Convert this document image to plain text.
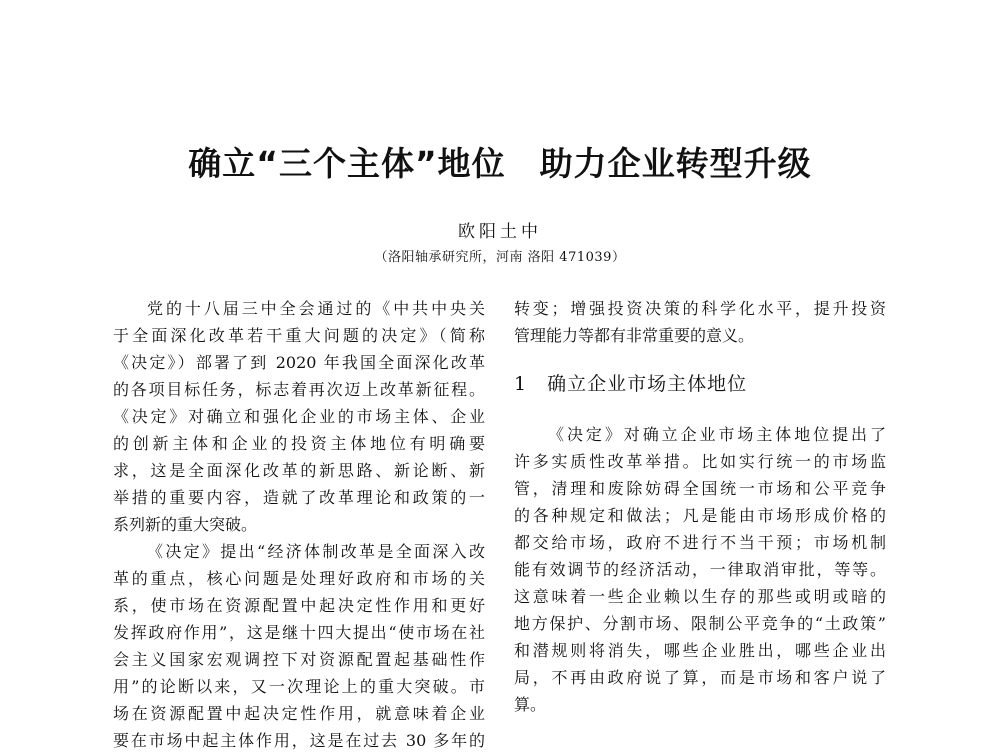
确立“三个主体”地位　助力企业转型升级
欧阳土中
（洛阳轴承研究所，河南 洛阳 471039）
党的十八届三中全会通过的《中共中央关
于全面深化改革若干重大问题的决定》（简称
《决定》）部署了到 2020 年我国全面深化改革
的各项目标任务，标志着再次迈上改革新征程。
《决定》对确立和强化企业的市场主体、企业
的创新主体和企业的投资主体地位有明确要
求，这是全面深化改革的新思路、新论断、新
举措的重要内容，造就了改革理论和政策的一
系列新的重大突破。
《决定》提出“经济体制改革是全面深入改
革的重点，核心问题是处理好政府和市场的关
系，使市场在资源配置中起决定性作用和更好
发挥政府作用”，这是继十四大提出“使市场在社
会主义国家宏观调控下对资源配置起基础性作
用”的论断以来，又一次理论上的重大突破。市
场在资源配置中起决定性作用，就意味着企业
要在市场中起主体作用，这是在过去 30 多年的
转变；增强投资决策的科学化水平，提升投资
管理能力等都有非常重要的意义。
1　确立企业市场主体地位
《决定》对确立企业市场主体地位提出了
许多实质性改革举措。比如实行统一的市场监
管，清理和废除妨碍全国统一市场和公平竞争
的各种规定和做法；凡是能由市场形成价格的
都交给市场，政府不进行不当干预；市场机制
能有效调节的经济活动，一律取消审批，等等。
这意味着一些企业赖以生存的那些或明或暗的
地方保护、分割市场、限制公平竞争的“土政策”
和潜规则将消失，哪些企业胜出，哪些企业出
局，不再由政府说了算，而是市场和客户说了
算。
